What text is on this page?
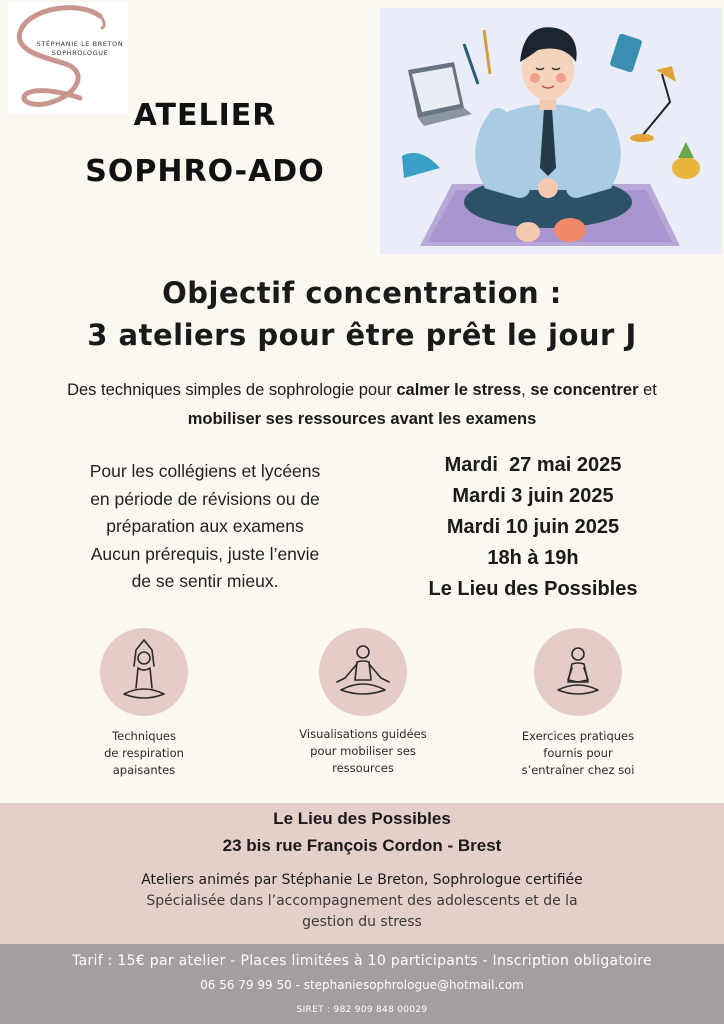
STÉPHANIE LE BRETON
SOPHROLOGUE
ATELIER
SOPHRO-ADO
Objectif concentration :
3 ateliers pour être prêt le jour J
Des techniques simples de sophrologie pour calmer le stress, se concentrer et mobiliser ses ressources avant les examens
Pour les collégiens et lycéens
en période de révisions ou de
préparation aux examens
Aucun prérequis, juste l’envie
de se sentir mieux.
Mardi  27 mai 2025
Mardi 3 juin 2025
Mardi 10 juin 2025
18h à 19h
Le Lieu des Possibles
Techniques
de respiration
apaisantes
Visualisations guidées
pour mobiliser ses
ressources
Exercices pratiques
fournis pour
s’entraîner chez soi
Le Lieu des Possibles
23 bis rue François Cordon - Brest
Ateliers animés par Stéphanie Le Breton, Sophrologue certifiée
Spécialisée dans l’accompagnement des adolescents et de la
gestion du stress
Tarif : 15€ par atelier - Places limitées à 10 participants - Inscription obligatoire
06 56 79 99 50 - stephaniesophrologue@hotmail.com
SIRET : 982 909 848 00029
